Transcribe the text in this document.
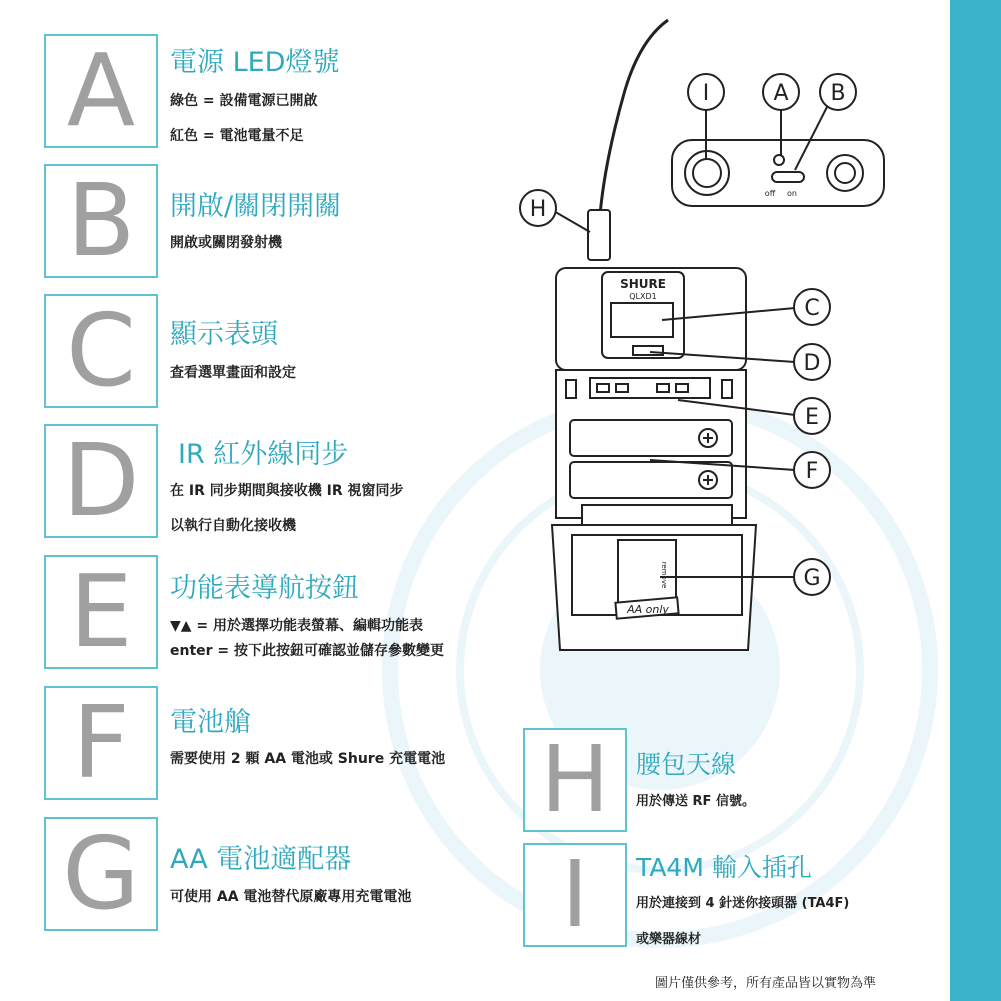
A 電源 LED燈號
綠色 = 設備電源已開啟
紅色 = 電池電量不足
B 開啟/關閉開關
開啟或關閉發射機
C 顯示表頭
查看選單畫面和設定
D IR 紅外線同步
在 IR 同步期間與接收機 IR 視窗同步
以執行自動化接收機
E 功能表導航按鈕
▼▲ = 用於選擇功能表螢幕、編輯功能表
enter = 按下此按鈕可確認並儲存參數變更
F 電池艙
需要使用 2 顆 AA 電池或 Shure 充電電池
G AA 電池適配器
可使用 AA 電池替代原廠專用充電電池
H 腰包天線
用於傳送 RF 信號。
I TA4M 輸入插孔
用於連接到 4 針迷你接頭器 (TA4F)
或樂器線材
圖片僅供參考，所有產品皆以實物為準
I	A B
H
C
D
E
F
G
SHURE
QLXD1
off on
AA only
remove
